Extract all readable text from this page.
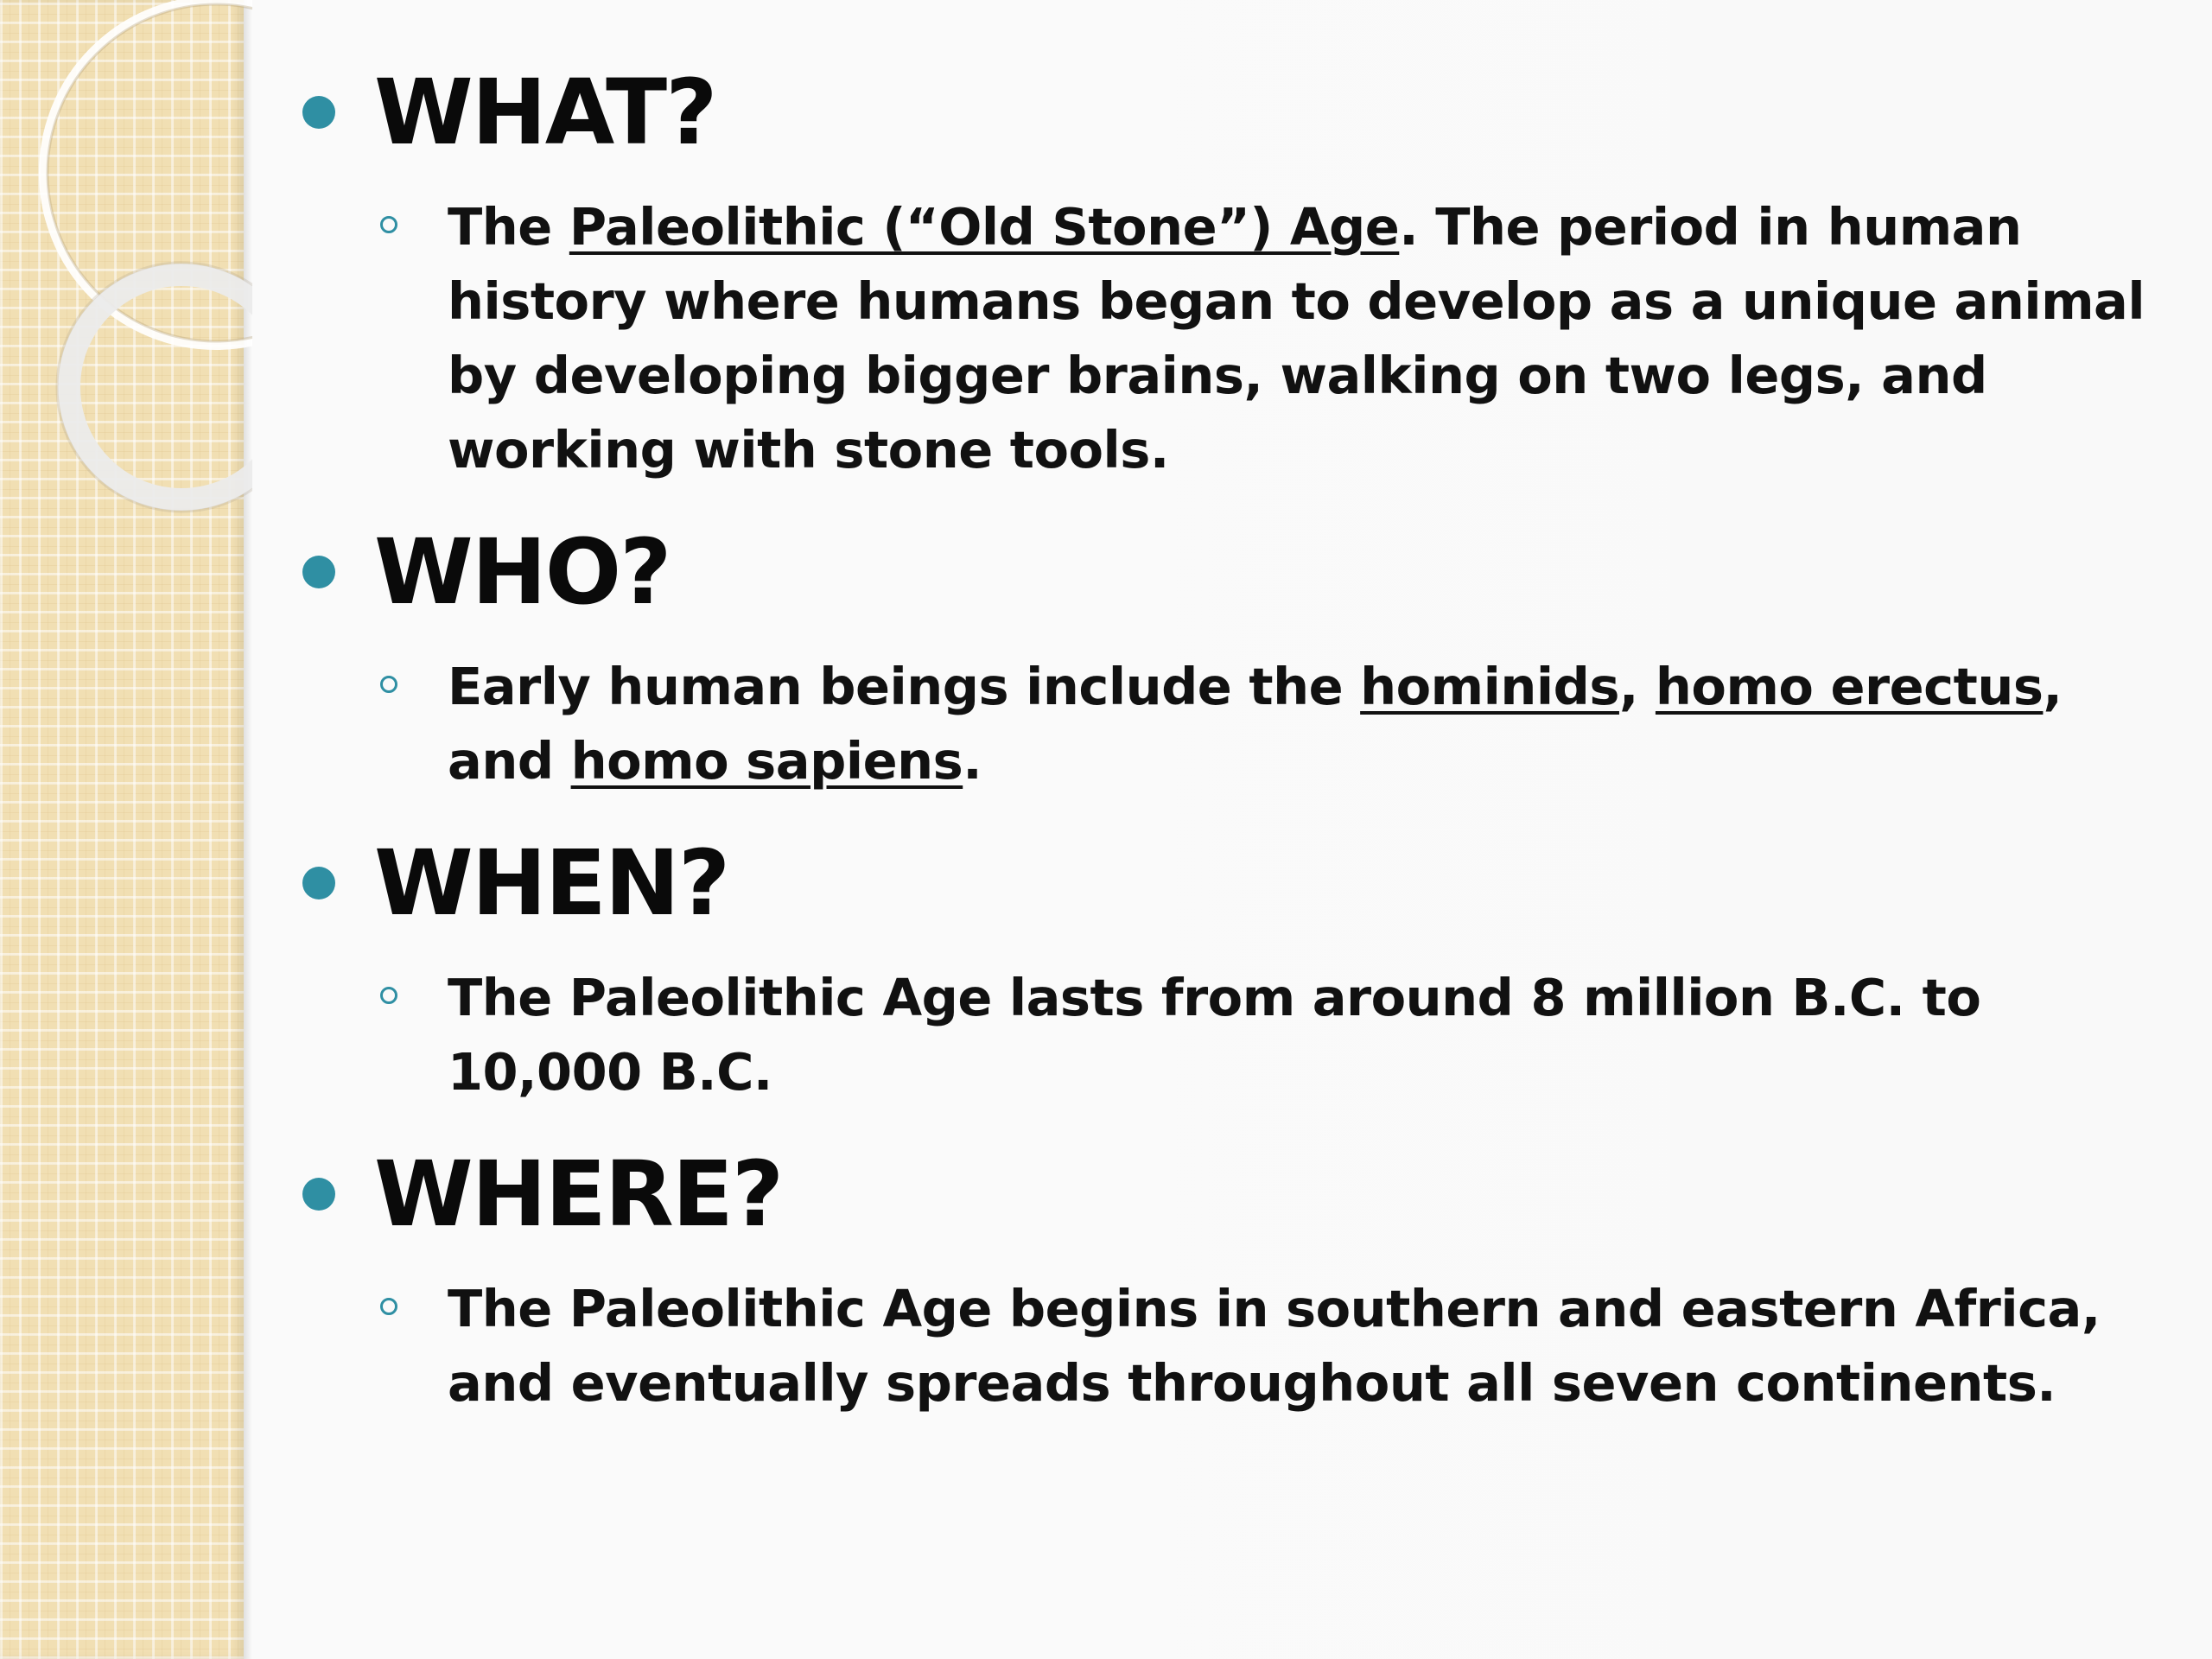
WHAT?
The Paleolithic (“Old Stone”) Age. The period in human history where humans began to develop as a unique animal by developing bigger brains, walking on two legs, and working with stone tools.
WHO?
Early human beings include the hominids, homo erectus, and homo sapiens.
WHEN?
The Paleolithic Age lasts from around 8 million B.C. to 10,000 B.C.
WHERE?
The Paleolithic Age begins in southern and eastern Africa, and eventually spreads throughout all seven continents.
